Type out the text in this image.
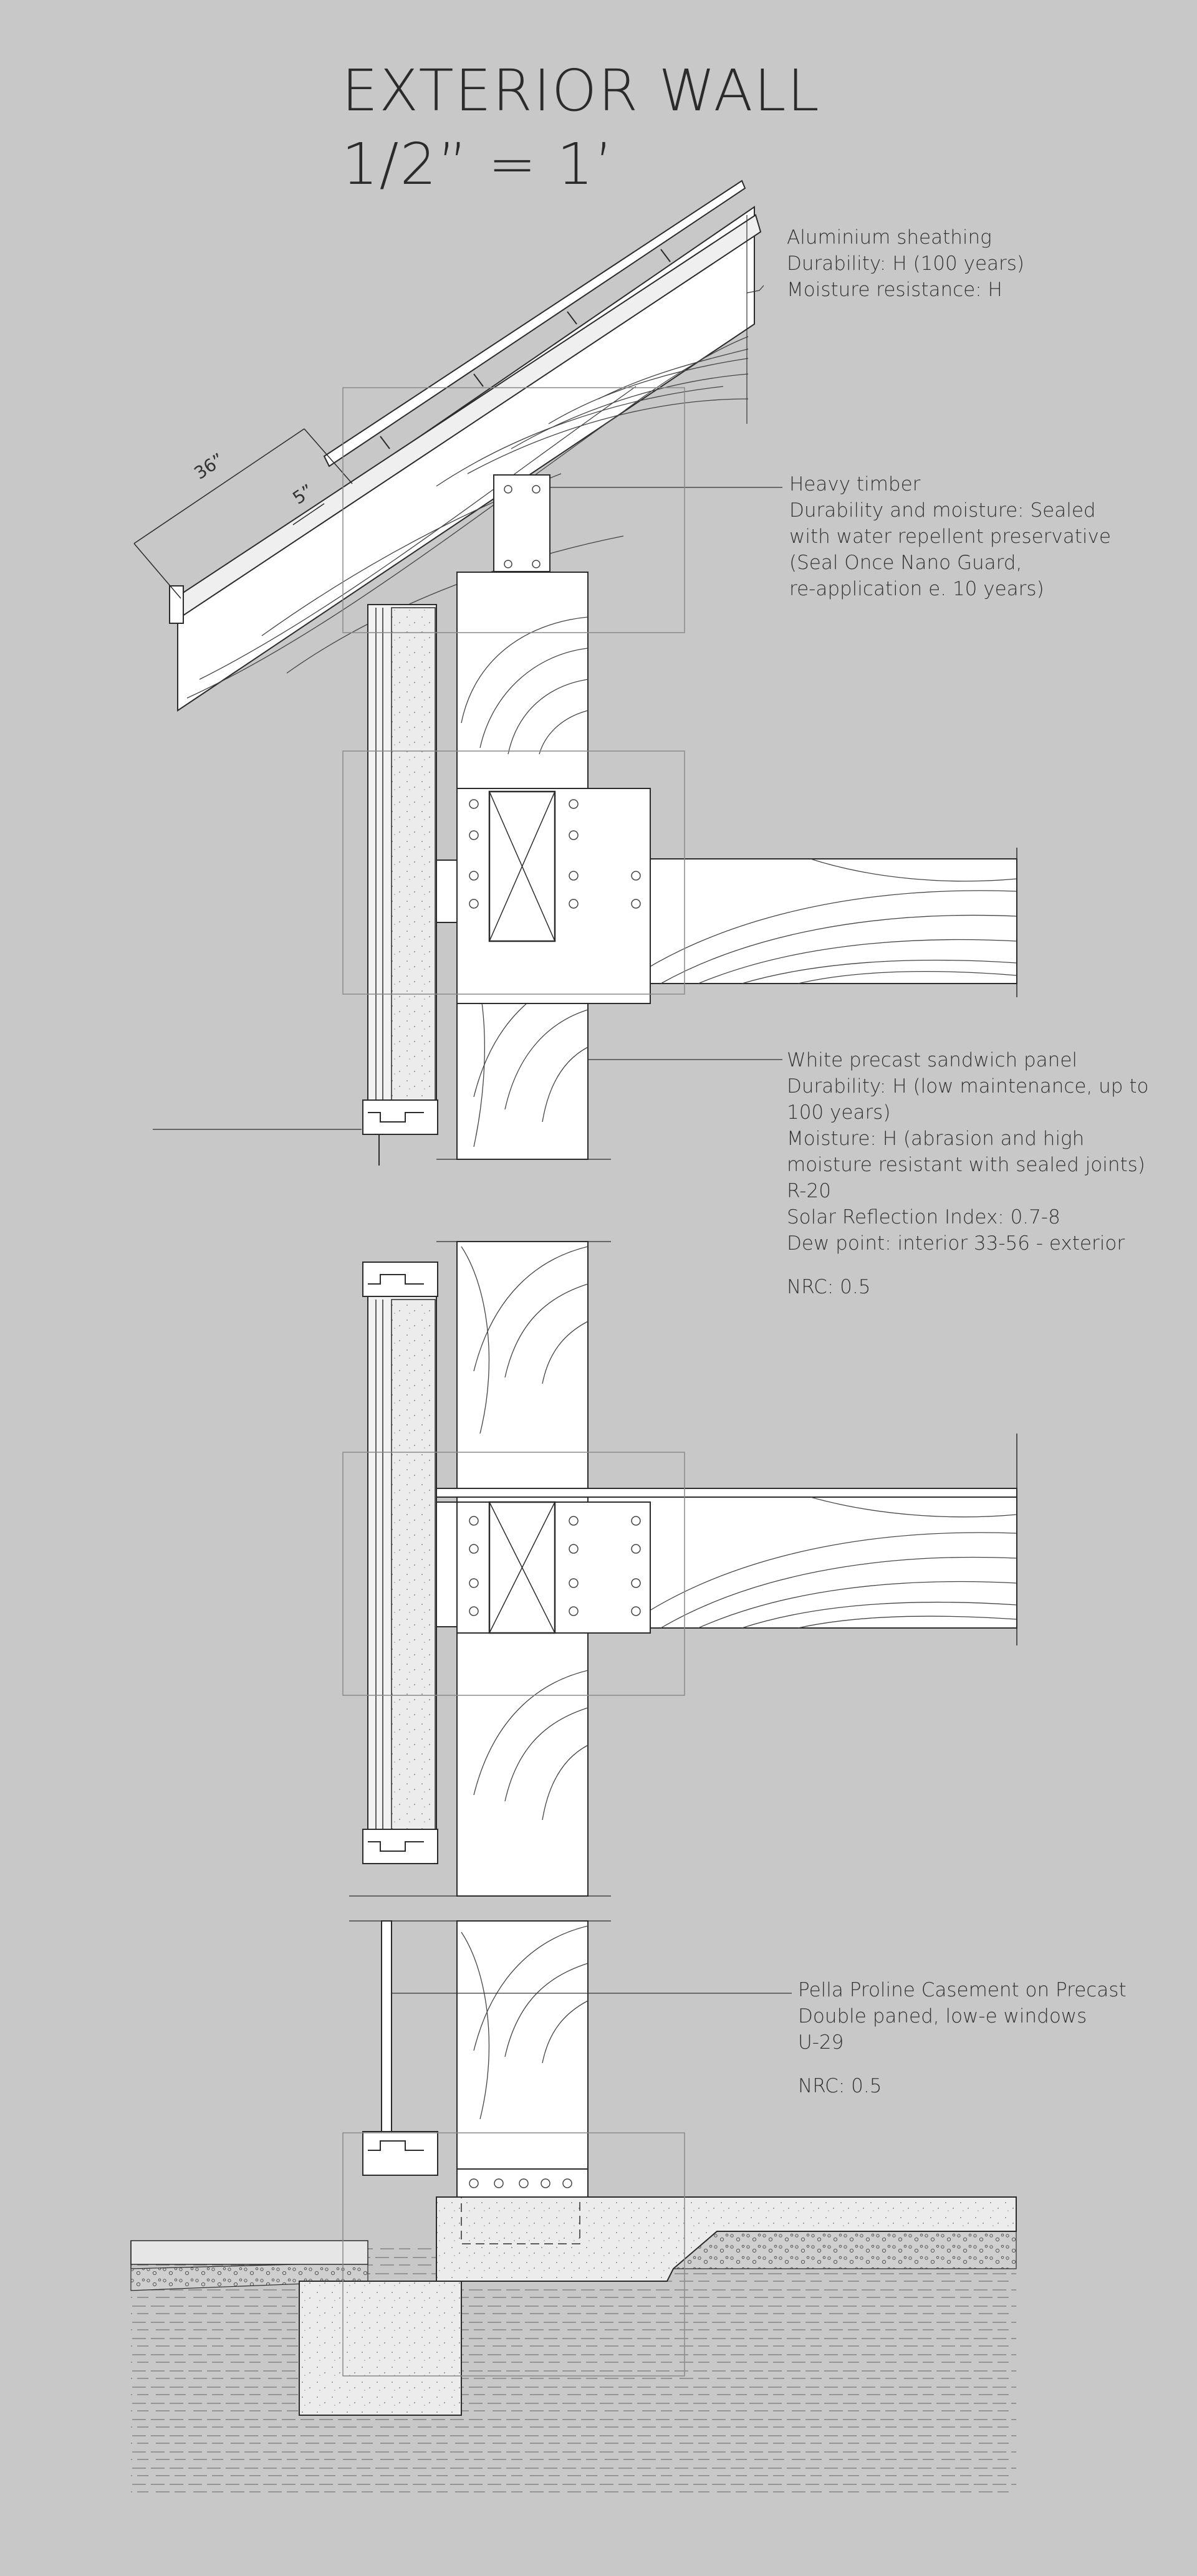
36”
5”
EXTERIOR WALL
1/2” = 1’
Aluminium sheathing
Durability: H (100 years)
Moisture resistance: H
Heavy timber
Durability and moisture: Sealed
with water repellent preservative
(Seal Once Nano Guard,
re-application e. 10 years)
White precast sandwich panel
Durability: H (low maintenance, up to
100 years)
Moisture: H (abrasion and high
moisture resistant with sealed joints)
R-20
Solar Reflection Index: 0.7-8
Dew point: interior 33-56 - exterior
NRC: 0.5
Pella Proline Casement on Precast
Double paned, low-e windows
U-29
NRC: 0.5
